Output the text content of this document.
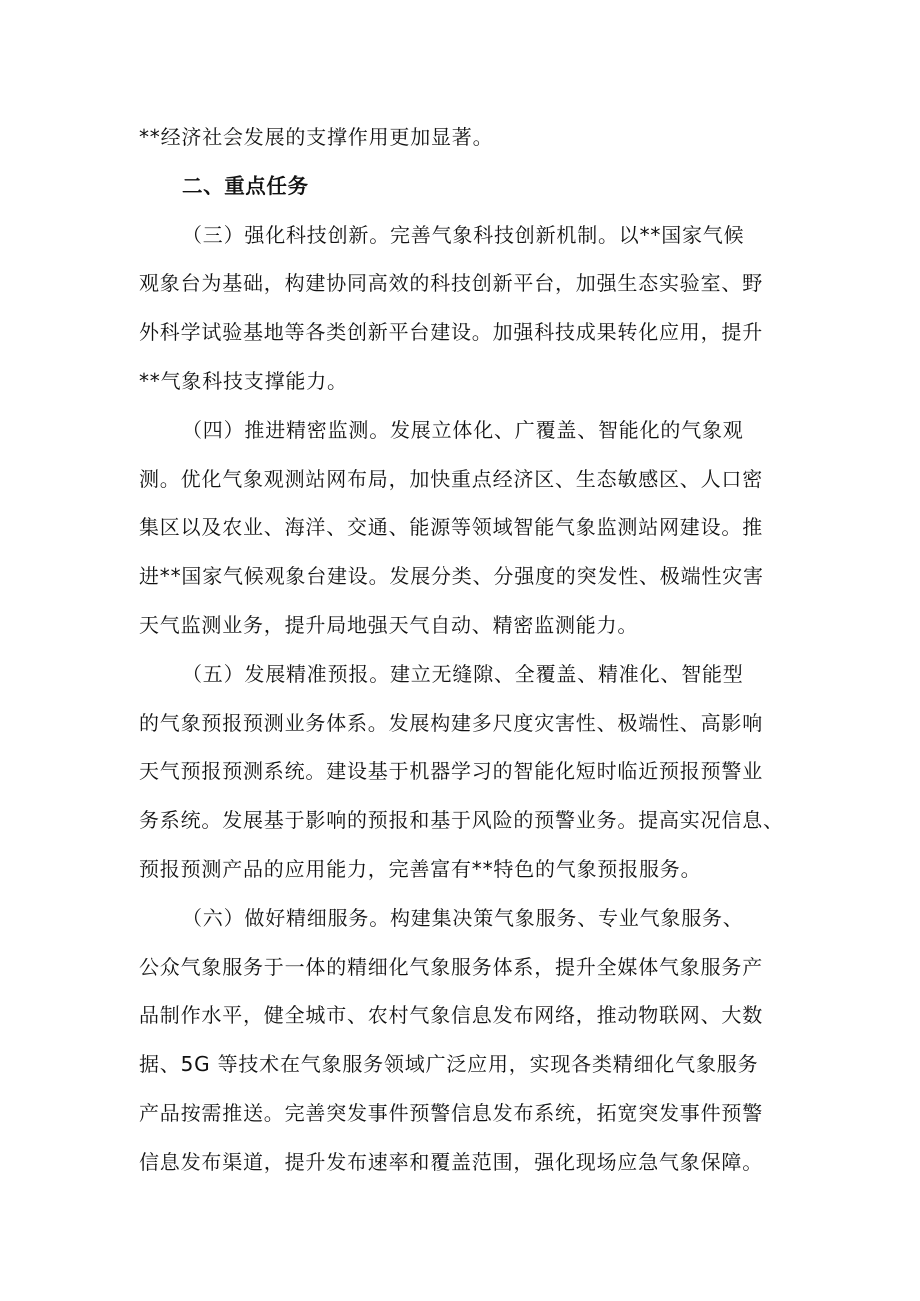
**经济社会发展的支撑作用更加显著。
二、重点任务
（三）强化科技创新。完善气象科技创新机制。以**国家气候
观象台为基础，构建协同高效的科技创新平台，加强生态实验室、野
外科学试验基地等各类创新平台建设。加强科技成果转化应用，提升
**气象科技支撑能力。
（四）推进精密监测。发展立体化、广覆盖、智能化的气象观
测。优化气象观测站网布局，加快重点经济区、生态敏感区、人口密
集区以及农业、海洋、交通、能源等领域智能气象监测站网建设。推
进**国家气候观象台建设。发展分类、分强度的突发性、极端性灾害
天气监测业务，提升局地强天气自动、精密监测能力。
（五）发展精准预报。建立无缝隙、全覆盖、精准化、智能型
的气象预报预测业务体系。发展构建多尺度灾害性、极端性、高影响
天气预报预测系统。建设基于机器学习的智能化短时临近预报预警业
务系统。发展基于影响的预报和基于风险的预警业务。提高实况信息、
预报预测产品的应用能力，完善富有**特色的气象预报服务。
（六）做好精细服务。构建集决策气象服务、专业气象服务、
公众气象服务于一体的精细化气象服务体系，提升全媒体气象服务产
品制作水平，健全城市、农村气象信息发布网络，推动物联网、大数
据、5G 等技术在气象服务领域广泛应用，实现各类精细化气象服务
产品按需推送。完善突发事件预警信息发布系统，拓宽突发事件预警
信息发布渠道，提升发布速率和覆盖范围，强化现场应急气象保障。
